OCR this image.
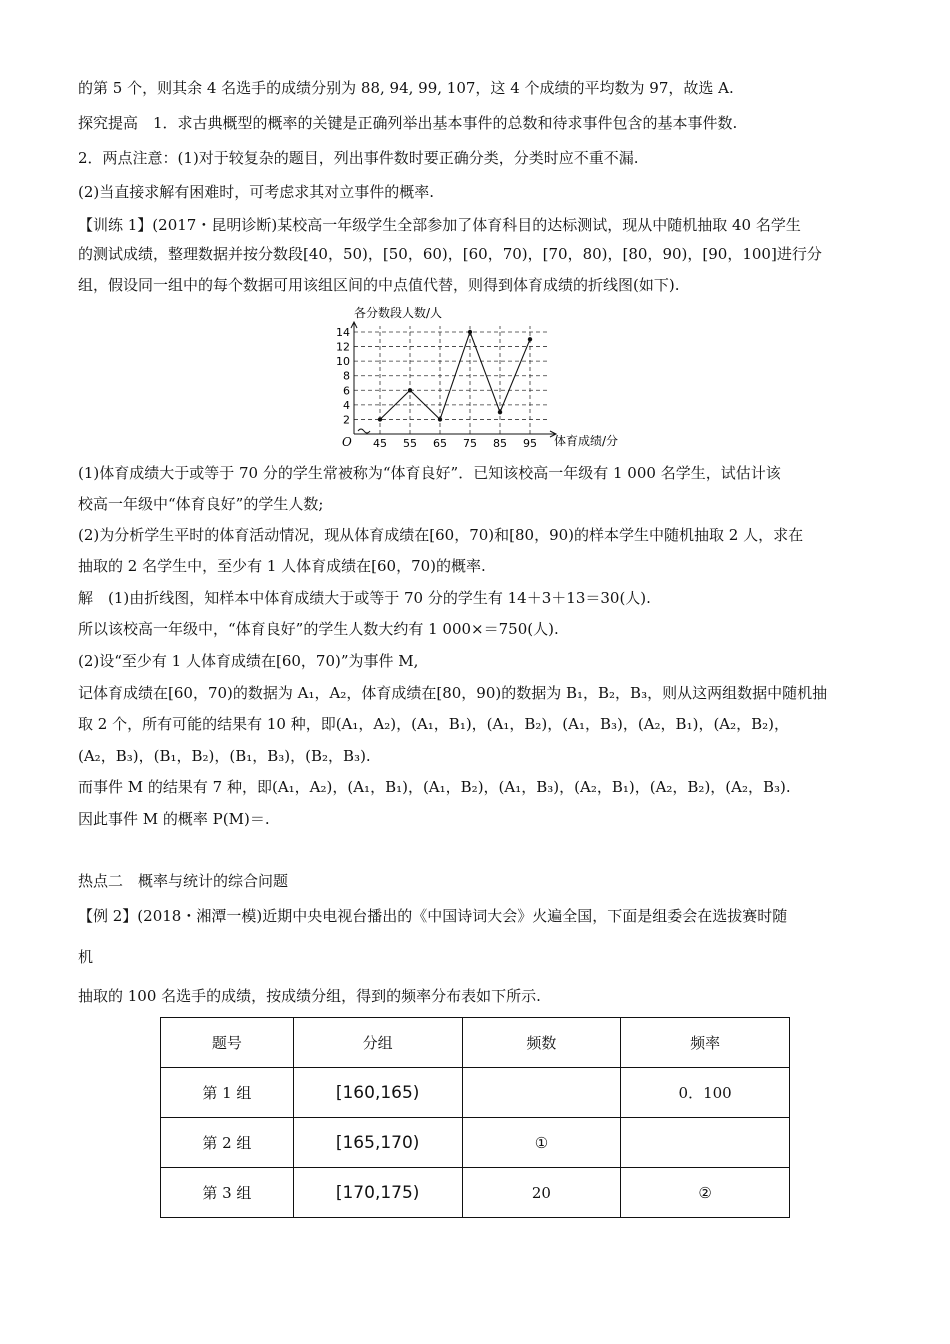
的第 5 个，则其余 4 名选手的成绩分别为 88, 94, 99, 107，这 4 个成绩的平均数为 97，故选 A.
探究提高　1．求古典概型的概率的关键是正确列举出基本事件的总数和待求事件包含的基本事件数.
2．两点注意：(1)对于较复杂的题目，列出事件数时要正确分类，分类时应不重不漏.
(2)当直接求解有困难时，可考虑求其对立事件的概率.
【训练 1】(2017・昆明诊断)某校高一年级学生全部参加了体育科目的达标测试，现从中随机抽取 40 名学生
的测试成绩，整理数据并按分数段[40，50)，[50，60)，[60，70)，[70，80)，[80，90)，[90，100]进行分
组，假设同一组中的每个数据可用该组区间的中点值代替，则得到体育成绩的折线图(如下).
各分数段人数/人
体育成绩/分
O
2
4
6
8
10
12
14
45 55 65 75 85 95
(1)体育成绩大于或等于 70 分的学生常被称为“体育良好”．已知该校高一年级有 1 000 名学生，试估计该
校高一年级中“体育良好”的学生人数;
(2)为分析学生平时的体育活动情况，现从体育成绩在[60，70)和[80，90)的样本学生中随机抽取 2 人，求在
抽取的 2 名学生中，至少有 1 人体育成绩在[60，70)的概率.
解　(1)由折线图，知样本中体育成绩大于或等于 70 分的学生有 14＋3＋13＝30(人).
所以该校高一年级中，“体育良好”的学生人数大约有 1 000×＝750(人).
(2)设“至少有 1 人体育成绩在[60，70)”为事件 M,
记体育成绩在[60，70)的数据为 A₁，A₂，体育成绩在[80，90)的数据为 B₁，B₂，B₃，则从这两组数据中随机抽
取 2 个，所有可能的结果有 10 种，即(A₁，A₂)，(A₁，B₁)，(A₁，B₂)，(A₁，B₃)，(A₂，B₁)，(A₂，B₂)，
(A₂，B₃)，(B₁，B₂)，(B₁，B₃)，(B₂，B₃).
而事件 M 的结果有 7 种，即(A₁，A₂)，(A₁，B₁)，(A₁，B₂)，(A₁，B₃)，(A₂，B₁)，(A₂，B₂)，(A₂，B₃).
因此事件 M 的概率 P(M)＝.
热点二　概率与统计的综合问题
【例 2】(2018・湘潭一模)近期中央电视台播出的《中国诗词大会》火遍全国，下面是组委会在选拔赛时随
机
抽取的 100 名选手的成绩，按成绩分组，得到的频率分布表如下所示.
题号	分组	频数	频率
第 1 组	[160,165)		0．100
第 2 组	[165,170)	①	
第 3 组	[170,175)	20	②
